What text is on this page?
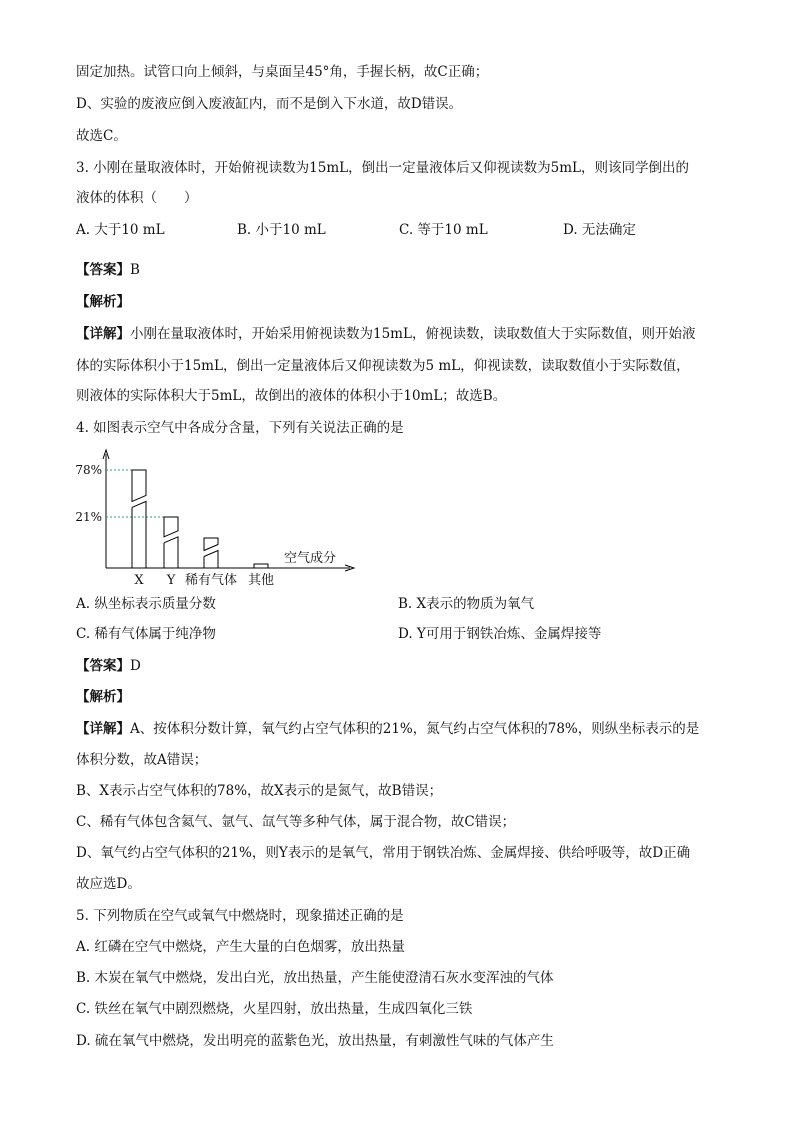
固定加热。试管口向上倾斜，与桌面呈45°角，手握长柄，故C正确；
D、实验的废液应倒入废液缸内，而不是倒入下水道，故D错误。
故选C。
3. 小刚在量取液体时，开始俯视读数为15mL，倒出一定量液体后又仰视读数为5mL，则该同学倒出的
液体的体积（　　）
A. 大于10 mL	B. 小于10 mL	C. 等于10 mL	D. 无法确定
【答案】B
【解析】
【详解】小刚在量取液体时，开始采用俯视读数为15mL，俯视读数，读取数值大于实际数值，则开始液
体的实际体积小于15mL，倒出一定量液体后又仰视读数为5 mL，仰视读数，读取数值小于实际数值，
则液体的实际体积大于5mL，故倒出的液体的体积小于10mL；故选B。
4. 如图表示空气中各成分含量，下列有关说法正确的是
78%
21%
X Y 稀有气体 其他
空气成分
A. 纵坐标表示质量分数	B. X表示的物质为氧气
C. 稀有气体属于纯净物	D. Y可用于钢铁冶炼、金属焊接等
【答案】D
【解析】
【详解】A、按体积分数计算，氧气约占空气体积的21%，氮气约占空气体积的78%，则纵坐标表示的是
体积分数，故A错误；
B、X表示占空气体积的78%，故X表示的是氮气，故B错误；
C、稀有气体包含氦气、氩气、氙气等多种气体，属于混合物，故C错误；
D、氧气约占空气体积的21%，则Y表示的是氧气，常用于钢铁冶炼、金属焊接、供给呼吸等，故D正确
故应选D。
5. 下列物质在空气或氧气中燃烧时，现象描述正确的是
A. 红磷在空气中燃烧，产生大量的白色烟雾，放出热量
B. 木炭在氧气中燃烧，发出白光，放出热量，产生能使澄清石灰水变浑浊的气体
C. 铁丝在氧气中剧烈燃烧，火星四射，放出热量，生成四氧化三铁
D. 硫在氧气中燃烧，发出明亮的蓝紫色光，放出热量，有刺激性气味的气体产生
